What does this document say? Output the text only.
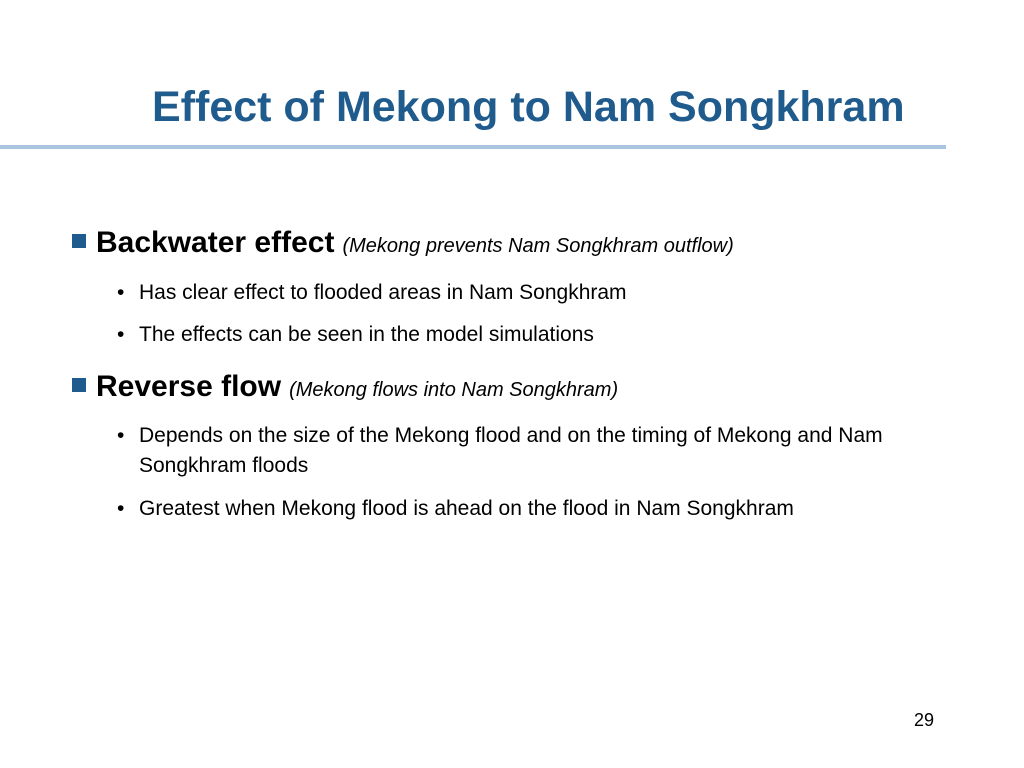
Effect of Mekong to Nam Songkhram
Backwater effect (Mekong prevents Nam Songkhram outflow)
• Has clear effect to flooded areas in Nam Songkhram
• The effects can be seen in the model simulations
Reverse flow (Mekong flows into Nam Songkhram)
• Depends on the size of the Mekong flood and on the timing of Mekong and Nam Songkhram floods
• Greatest when Mekong flood is ahead on the flood in Nam Songkhram
29
